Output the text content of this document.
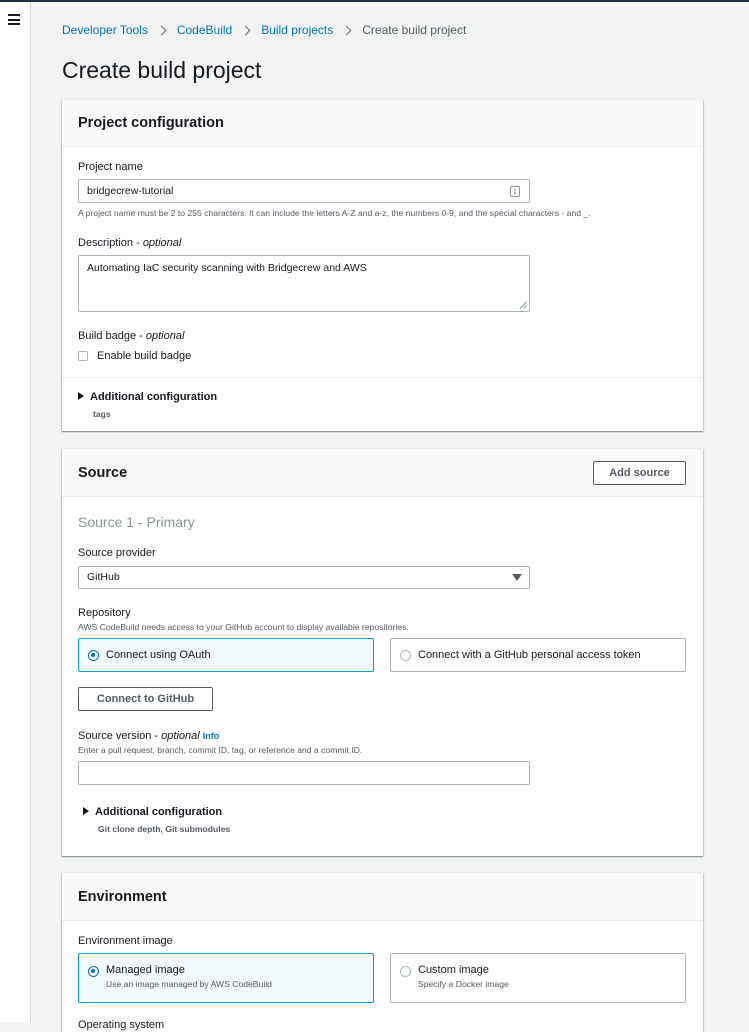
Developer Tools CodeBuild Build projects Create build project
Create build project
Project configuration
Project name
bridgecrew-tutorial
A project name must be 2 to 255 characters. It can include the letters A-Z and a-z, the numbers 0-9, and the special characters - and _.
Description - optional
Automating IaC security scanning with Bridgecrew and AWS
Build badge - optional
Enable build badge
Additional configuration
tags
Source	Add source
Source 1 - Primary
Source provider
GitHub
Repository
AWS CodeBuild needs access to your GitHub account to display available repositories.
Connect using OAuth	Connect with a GitHub personal access token
Connect to GitHub
Source version - optional Info
Enter a pull request, branch, commit ID, tag, or reference and a commit ID.
Additional configuration
Git clone depth, Git submodules
Environment
Environment image
Managed image
Use an image managed by AWS CodeBuild
Custom image
Specify a Docker image
Operating system
